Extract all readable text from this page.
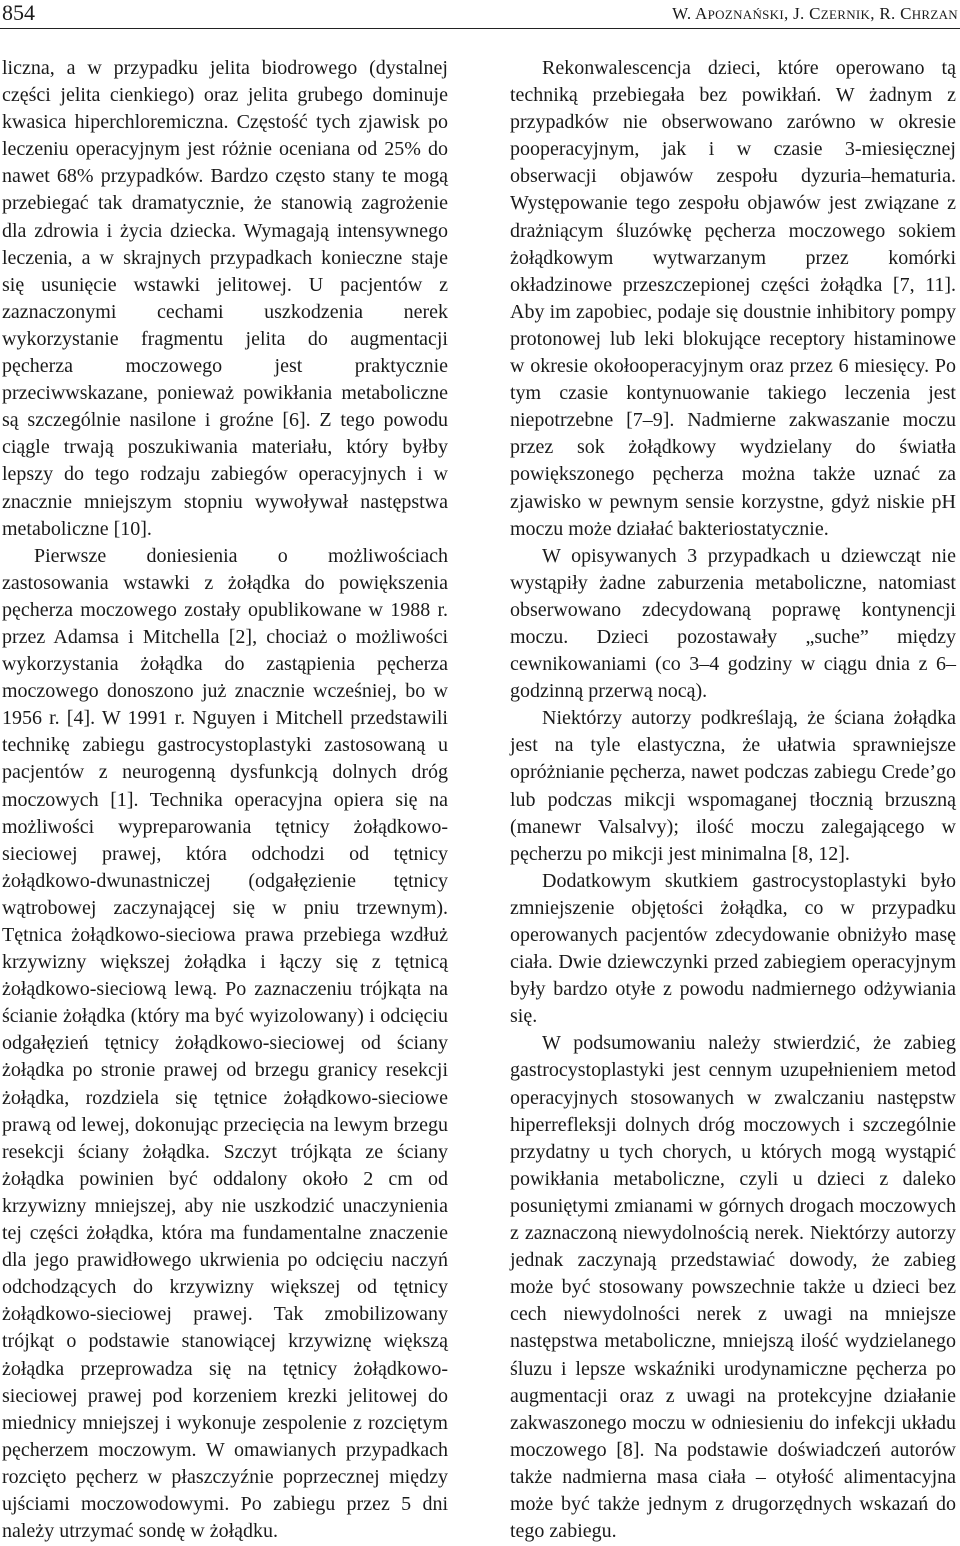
854	W. APOZNAŃSKI, J. CZERNIK, R. CHRZAN

liczna, a w przypadku jelita biodrowego (dystalnej części jelita cienkiego) oraz jelita grubego dominuje kwasica hiperchloremiczna. Częstość tych zjawisk po leczeniu operacyjnym jest różnie oceniana od 25% do nawet 68% przypadków. Bardzo często stany te mogą przebiegać tak dramatycznie, że stanowią zagrożenie dla zdrowia i życia dziecka. Wymagają intensywnego leczenia, a w skrajnych przypadkach konieczne staje się usunięcie wstawki jelitowej. U pacjentów z zaznaczonymi cechami uszkodzenia nerek wykorzystanie fragmentu jelita do augmentacji pęcherza moczowego jest praktycznie przeciwwskazane, ponieważ powikłania metaboliczne są szczególnie nasilone i groźne [6]. Z tego powodu ciągle trwają poszukiwania materiału, który byłby lepszy do tego rodzaju zabiegów operacyjnych i w znacznie mniejszym stopniu wywoływał następstwa metaboliczne [10].

Pierwsze doniesienia o możliwościach zastosowania wstawki z żołądka do powiększenia pęcherza moczowego zostały opublikowane w 1988 r. przez Adamsa i Mitchella [2], chociaż o możliwości wykorzystania żołądka do zastąpienia pęcherza moczowego donoszono już znacznie wcześniej, bo w 1956 r. [4]. W 1991 r. Nguyen i Mitchell przedstawili technikę zabiegu gastrocystoplastyki zastosowaną u pacjentów z neurogenną dysfunkcją dolnych dróg moczowych [1]. Technika operacyjna opiera się na możliwości wypreparowania tętnicy żołądkowo-sieciowej prawej, która odchodzi od tętnicy żołądkowo-dwunastniczej (odgałęzienie tętnicy wątrobowej zaczynającej się w pniu trzewnym). Tętnica żołądkowo-sieciowa prawa przebiega wzdłuż krzywizny większej żołądka i łączy się z tętnicą żołądkowo-sieciową lewą. Po zaznaczeniu trójkąta na ścianie żołądka (który ma być wyizolowany) i odcięciu odgałęzień tętnicy żołądkowo-sieciowej od ściany żołądka po stronie prawej od brzegu granicy resekcji żołądka, rozdziela się tętnice żołądkowo-sieciowe prawą od lewej, dokonując przecięcia na lewym brzegu resekcji ściany żołądka. Szczyt trójkąta ze ściany żołądka powinien być oddalony około 2 cm od krzywizny mniejszej, aby nie uszkodzić unaczynienia tej części żołądka, która ma fundamentalne znaczenie dla jego prawidłowego ukrwienia po odcięciu naczyń odchodzących do krzywizny większej od tętnicy żołądkowo-sieciowej prawej. Tak zmobilizowany trójkąt o podstawie stanowiącej krzywiznę większą żołądka przeprowadza się na tętnicy żołądkowo-sieciowej prawej pod korzeniem krezki jelitowej do miednicy mniejszej i wykonuje zespolenie z rozciętym pęcherzem moczowym. W omawianych przypadkach rozcięto pęcherz w płaszczyźnie poprzecznej między ujściami moczowodowymi. Po zabiegu przez 5 dni należy utrzymać sondę w żołądku.

Rekonwalescencja dzieci, które operowano tą techniką przebiegała bez powikłań. W żadnym z przypadków nie obserwowano zarówno w okresie pooperacyjnym, jak i w czasie 3-miesięcznej obserwacji objawów zespołu dyzuria–hematuria. Występowanie tego zespołu objawów jest związane z drażniącym śluzówkę pęcherza moczowego sokiem żołądkowym wytwarzanym przez komórki okładzinowe przeszczepionej części żołądka [7, 11]. Aby im zapobiec, podaje się doustnie inhibitory pompy protonowej lub leki blokujące receptory histaminowe w okresie okołooperacyjnym oraz przez 6 miesięcy. Po tym czasie kontynuowanie takiego leczenia jest niepotrzebne [7–9]. Nadmierne zakwaszanie moczu przez sok żołądkowy wydzielany do światła powiększonego pęcherza można także uznać za zjawisko w pewnym sensie korzystne, gdyż niskie pH moczu może działać bakteriostatycznie.

W opisywanych 3 przypadkach u dziewcząt nie wystąpiły żadne zaburzenia metaboliczne, natomiast obserwowano zdecydowaną poprawę kontynencji moczu. Dzieci pozostawały „suche” między cewnikowaniami (co 3–4 godziny w ciągu dnia z 6–godzinną przerwą nocą).

Niektórzy autorzy podkreślają, że ściana żołądka jest na tyle elastyczna, że ułatwia sprawniejsze opróżnianie pęcherza, nawet podczas zabiegu Crede’go lub podczas mikcji wspomaganej tłocznią brzuszną (manewr Valsalvy); ilość moczu zalegającego w pęcherzu po mikcji jest minimalna [8, 12].

Dodatkowym skutkiem gastrocystoplastyki było zmniejszenie objętości żołądka, co w przypadku operowanych pacjentów zdecydowanie obniżyło masę ciała. Dwie dziewczynki przed zabiegiem operacyjnym były bardzo otyłe z powodu nadmiernego odżywiania się.

W podsumowaniu należy stwierdzić, że zabieg gastrocystoplastyki jest cennym uzupełnieniem metod operacyjnych stosowanych w zwalczaniu następstw hiperrefleksji dolnych dróg moczowych i szczególnie przydatny u tych chorych, u których mogą wystąpić powikłania metaboliczne, czyli u dzieci z daleko posuniętymi zmianami w górnych drogach moczowych z zaznaczoną niewydolnością nerek. Niektórzy autorzy jednak zaczynają przedstawiać dowody, że zabieg może być stosowany powszechnie także u dzieci bez cech niewydolności nerek z uwagi na mniejsze następstwa metaboliczne, mniejszą ilość wydzielanego śluzu i lepsze wskaźniki urodynamiczne pęcherza po augmentacji oraz z uwagi na protekcyjne działanie zakwaszonego moczu w odniesieniu do infekcji układu moczowego [8]. Na podstawie doświadczeń autorów także nadmierna masa ciała – otyłość alimentacyjna może być także jednym z drugorzędnych wskazań do tego zabiegu.
